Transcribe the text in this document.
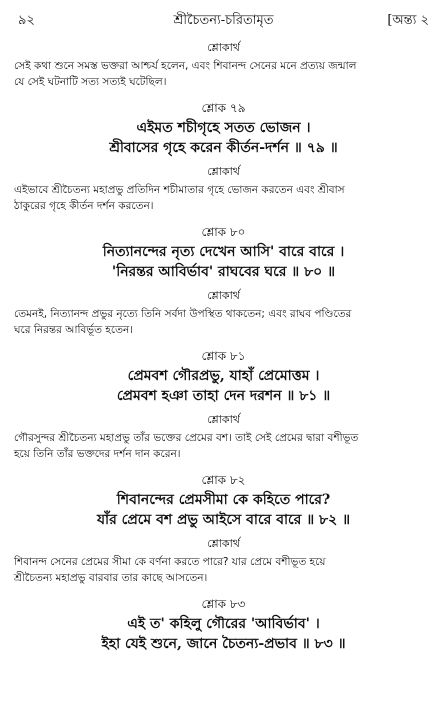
৯২	শ্রীচৈতন্য-চরিতামৃত	[অন্ত্য ২
শ্লোকার্থ

সেই কথা শুনে সমস্ত ভক্তরা আশ্চর্য হলেন, এবং শিবানন্দ সেনের মনে প্রত্যয় জন্মাল

যে সেই ঘটনাটি সত্য সত্যই ঘটেছিল।

শ্লোক ৭৯

এইমত শচীগৃহে সতত ভোজন ।

শ্রীবাসের গৃহে করেন কীর্তন-দর্শন ॥ ৭৯ ॥

শ্লোকার্থ

এইভাবে শ্রীচৈতন্য মহাপ্রভু প্রতিদিন শচীমাতার গৃহে ভোজন করতেন এবং শ্রীবাস

ঠাকুরের গৃহে কীর্তন দর্শন করতেন।

শ্লোক ৮০

নিত্যানন্দের নৃত্য দেখেন আসি' বারে বারে ।

'নিরন্তর আবির্ভাব' রাঘবের ঘরে ॥ ৮০ ॥

শ্লোকার্থ

তেমনই, নিত্যানন্দ প্রভুর নৃত্যে তিনি সর্বদা উপস্থিত থাকতেন; এবং রাঘব পণ্ডিতের

ঘরে নিরন্তর আবির্ভূত হতেন।

শ্লোক ৮১

প্রেমবশ গৌরপ্রভু, যাহাঁ প্রেমোত্তম ।

প্রেমবশ হঞা তাহা দেন দরশন ॥ ৮১ ॥

শ্লোকার্থ

গৌরসুন্দর শ্রীচৈতন্য মহাপ্রভু তাঁর ভক্তের প্রেমের বশ। তাই সেই প্রেমের দ্বারা বশীভূত

হয়ে তিনি তাঁর ভক্তদের দর্শন দান করেন।

শ্লোক ৮২

শিবানন্দের প্রেমসীমা কে কহিতে পারে?

যাঁর প্রেমে বশ প্রভু আইসে বারে বারে ॥ ৮২ ॥

শ্লোকার্থ

শিবানন্দ সেনের প্রেমের সীমা কে বর্ণনা করতে পারে? যার প্রেমে বশীভূত হয়ে

শ্রীচৈতন্য মহাপ্রভু বারবার তার কাছে আসতেন।

শ্লোক ৮৩

এই ত' কহিলু গৌরের 'আবির্ভাব' ।

ইহা যেই শুনে, জানে চৈতন্য-প্রভাব ॥ ৮৩ ॥
